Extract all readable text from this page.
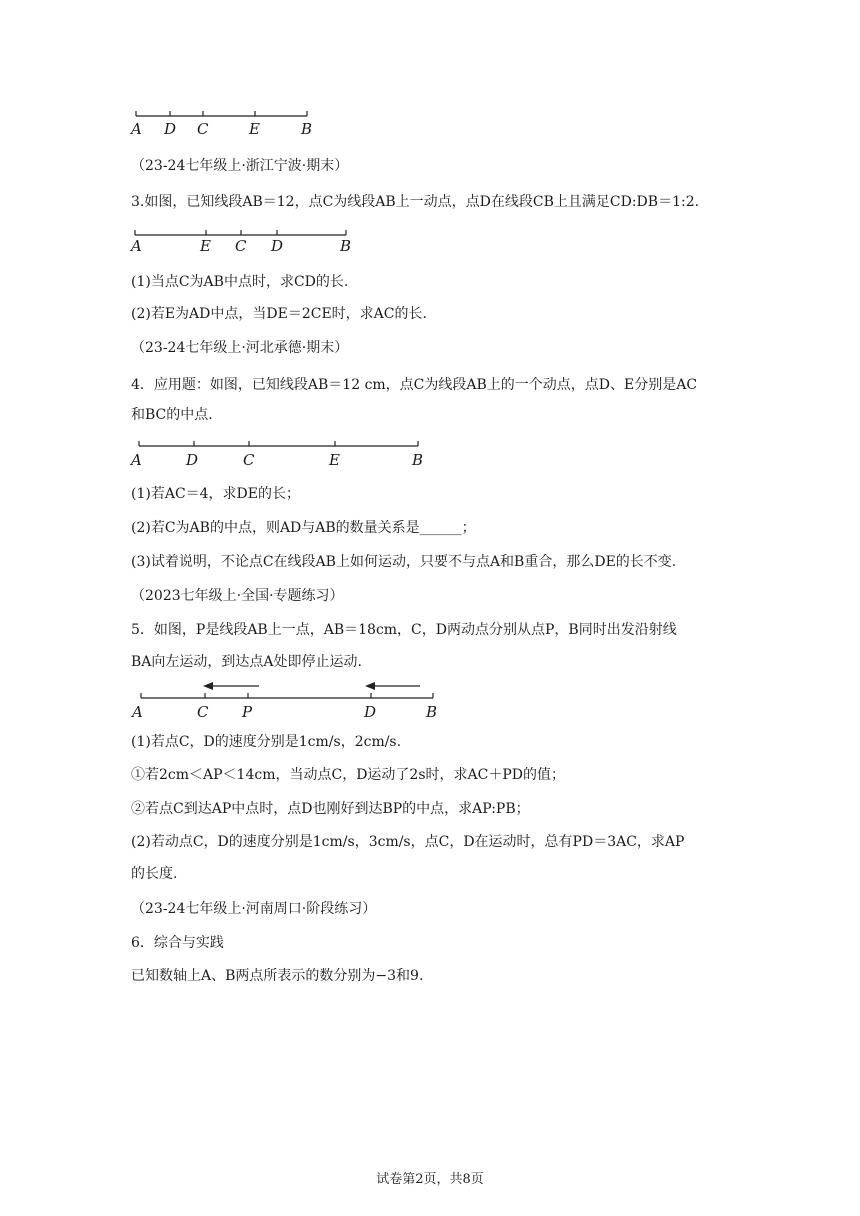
A D C	E	B
（23-24七年级上·浙江宁波·期末）
3.如图，已知线段AB＝12，点C为线段AB上一动点，点D在线段CB上且满足CD:DB＝1:2.
A	E C D	B
(1)当点C为AB中点时，求CD的长.
(2)若E为AD中点，当DE＝2CE时，求AC的长.
（23-24七年级上·河北承德·期末）
4．应用题：如图，已知线段AB＝12 cm，点C为线段AB上的一个动点，点D、E分别是AC
和BC的中点.
A	D	C	E	B
(1)若AC＝4，求DE的长；
(2)若C为AB的中点，则AD与AB的数量关系是______；
(3)试着说明，不论点C在线段AB上如何运动，只要不与点A和B重合，那么DE的长不变.
（2023七年级上·全国·专题练习）
5．如图，P是线段AB上一点，AB＝18cm，C，D两动点分别从点P，B同时出发沿射线
BA向左运动，到达点A处即停止运动.
A	C P	D	B
(1)若点C，D的速度分别是1cm/s，2cm/s.
①若2cm＜AP＜14cm，当动点C，D运动了2s时，求AC＋PD的值；
②若点C到达AP中点时，点D也刚好到达BP的中点，求AP:PB；
(2)若动点C，D的速度分别是1cm/s，3cm/s，点C，D在运动时，总有PD＝3AC，求AP
的长度.
（23-24七年级上·河南周口·阶段练习）
6．综合与实践
已知数轴上A、B两点所表示的数分别为−3和9.
试卷第2页，共8页
